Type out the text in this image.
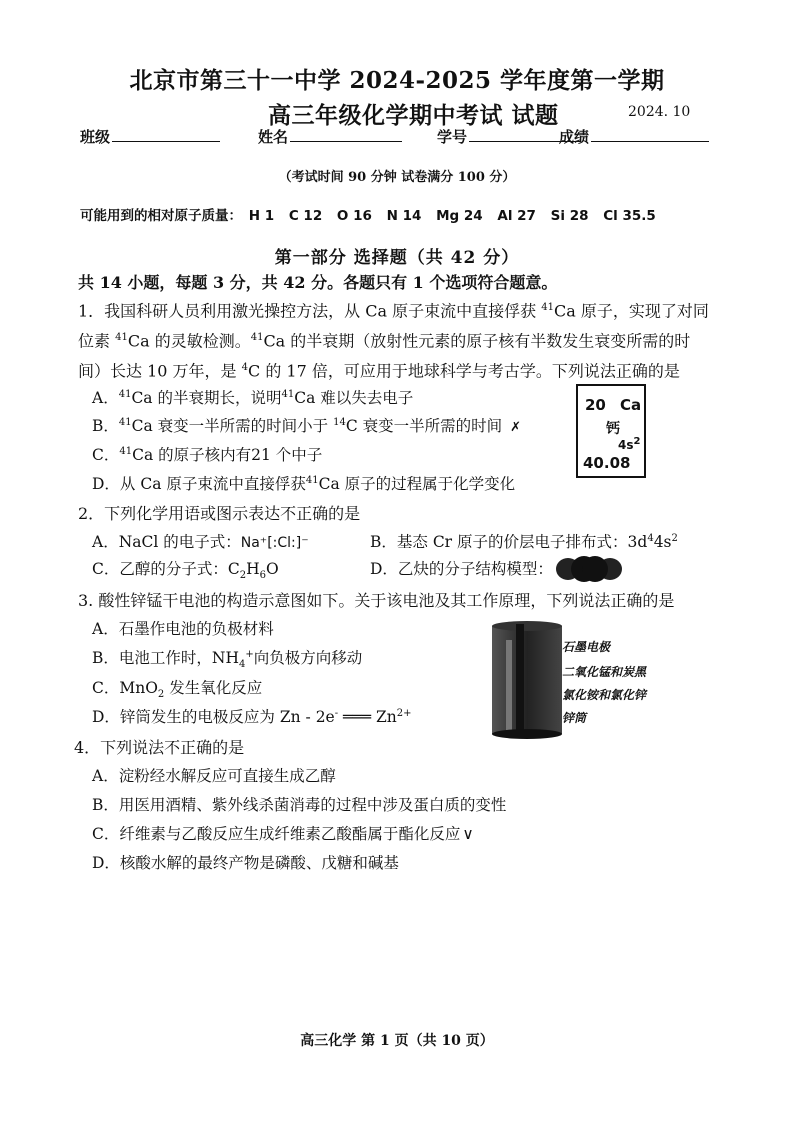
北京市第三十一中学 2024-2025 学年度第一学期
高三年级化学期中考试 试题	2024. 10
班级	姓名	学号	成绩
（考试时间 90 分钟 试卷满分 100 分）
可能用到的相对原子质量： H 1 C 12 O 16 N 14 Mg 24 Al 27 Si 28 Cl 35.5
第一部分 选择题（共 42 分）
共 14 小题，每题 3 分，共 42 分。各题只有 1 个选项符合题意。
1．我国科研人员利用激光操控方法，从 Ca 原子束流中直接俘获 $^{41}$Ca 原子，实现了对同
位素 $^{41}$Ca 的灵敏检测。$^{41}$Ca 的半衰期（放射性元素的原子核有半数发生衰变所需的时
间）长达 10 万年，是 $^4$C 的 17 倍，可应用于地球科学与考古学。下列说法正确的是
A．$^{41}$Ca 的半衰期长，说明$^{41}$Ca 难以失去电子
B．$^{41}$Ca 衰变一半所需的时间小于 $^{14}$C 衰变一半所需的时间 ✗
C．$^{41}$Ca 的原子核内有21 个中子
D．从 Ca 原子束流中直接俘获$^{41}$Ca 原子的过程属于化学变化
20 Ca
钙
$4s^2$
40.08
2．下列化学用语或图示表达不正确的是
A．NaCl 的电子式：Na⁺[:Cl:]⁻	B．基态 Cr 原子的价层电子排布式：$3d^44s^2$
C．乙醇的分子式：$C_2H_6O$	D．乙炔的分子结构模型：
3. 酸性锌锰干电池的构造示意图如下。关于该电池及其工作原理，下列说法正确的是
A．石墨作电池的负极材料
B．电池工作时，$NH_4^+$向负极方向移动
C．MnO$_2$ 发生氧化反应
D．锌筒发生的电极反应为 Zn - 2e- ═══ $Zn^{2+}$
石墨电极
二氧化锰和炭黑
氯化铵和氯化锌
锌筒
4．下列说法不正确的是
A．淀粉经水解反应可直接生成乙醇
B．用医用酒精、紫外线杀菌消毒的过程中涉及蛋白质的变性
C．纤维素与乙酸反应生成纤维素乙酸酯属于酯化反应 ∨
D．核酸水解的最终产物是磷酸、戊糖和碱基
高三化学 第 1 页（共 10 页）
